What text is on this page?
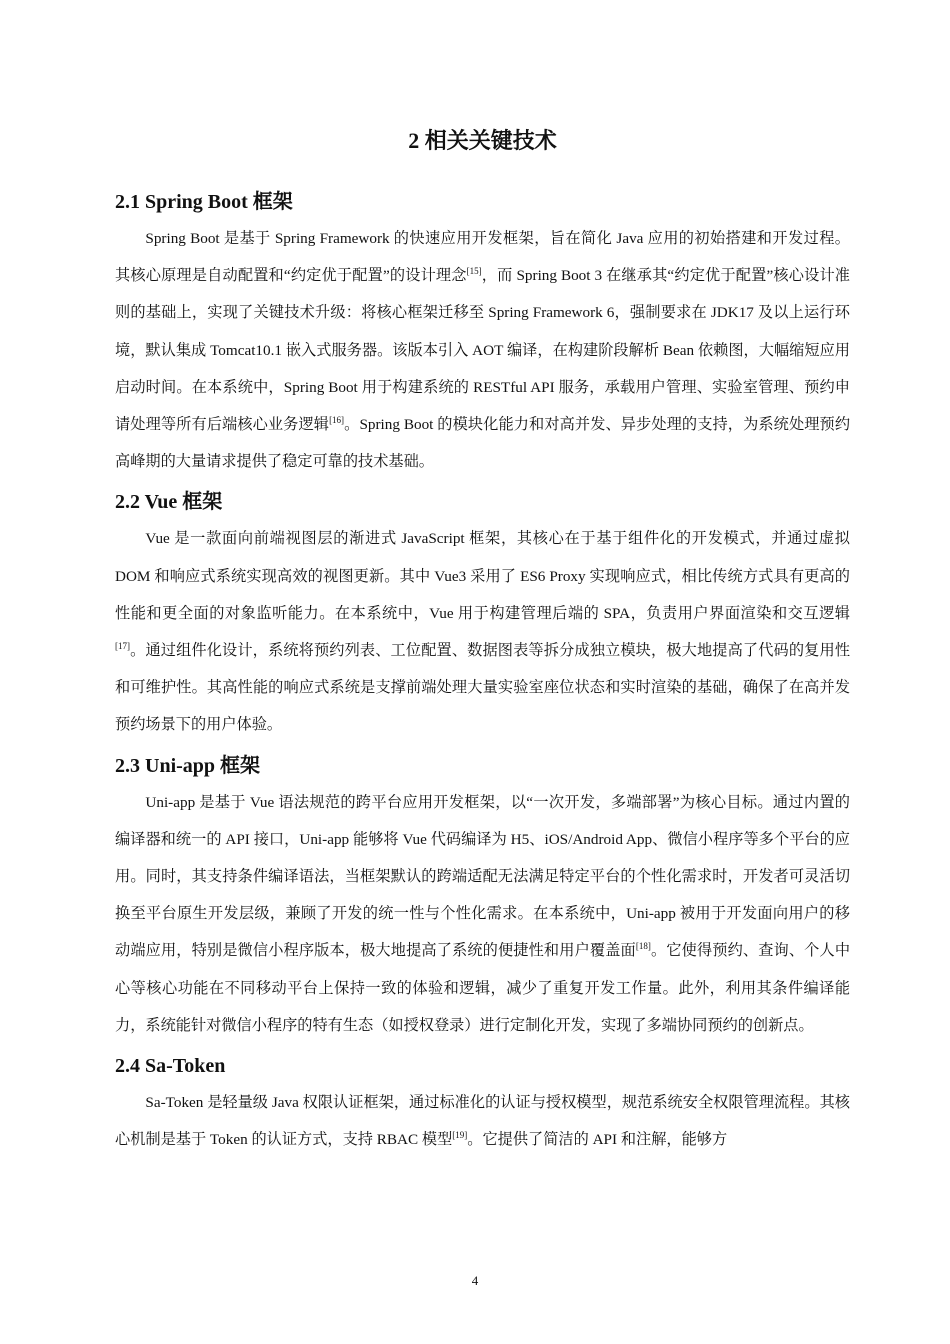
2 相关关键技术
2.1 Spring Boot 框架

Spring Boot 是基于 Spring Framework 的快速应用开发框架，旨在简化 Java 应用的初始搭建和开发过程。其核心原理是自动配置和“约定优于配置”的设计理念[15]，而 Spring Boot 3 在继承其“约定优于配置”核心设计准则的基础上，实现了关键技术升级：将核心框架迁移至 Spring Framework 6，强制要求在 JDK17 及以上运行环境，默认集成 Tomcat10.1 嵌入式服务器。该版本引入 AOT 编译，在构建阶段解析 Bean 依赖图，大幅缩短应用启动时间。在本系统中，Spring Boot 用于构建系统的 RESTful API 服务，承载用户管理、实验室管理、预约申请处理等所有后端核心业务逻辑[16]。Spring Boot 的模块化能力和对高并发、异步处理的支持，为系统处理预约高峰期的大量请求提供了稳定可靠的技术基础。

2.2 Vue 框架

Vue 是一款面向前端视图层的渐进式 JavaScript 框架，其核心在于基于组件化的开发模式，并通过虚拟 DOM 和响应式系统实现高效的视图更新。其中 Vue3 采用了 ES6 Proxy 实现响应式，相比传统方式具有更高的性能和更全面的对象监听能力。在本系统中，Vue 用于构建管理后端的 SPA，负责用户界面渲染和交互逻辑[17]。通过组件化设计，系统将预约列表、工位配置、数据图表等拆分成独立模块，极大地提高了代码的复用性和可维护性。其高性能的响应式系统是支撑前端处理大量实验室座位状态和实时渲染的基础，确保了在高并发预约场景下的用户体验。

2.3 Uni-app 框架

Uni-app 是基于 Vue 语法规范的跨平台应用开发框架，以“一次开发，多端部署”为核心目标。通过内置的编译器和统一的 API 接口，Uni-app 能够将 Vue 代码编译为 H5、iOS/Android App、微信小程序等多个平台的应用。同时，其支持条件编译语法，当框架默认的跨端适配无法满足特定平台的个性化需求时，开发者可灵活切换至平台原生开发层级，兼顾了开发的统一性与个性化需求。在本系统中，Uni-app 被用于开发面向用户的移动端应用，特别是微信小程序版本，极大地提高了系统的便捷性和用户覆盖面[18]。它使得预约、查询、个人中心等核心功能在不同移动平台上保持一致的体验和逻辑，减少了重复开发工作量。此外，利用其条件编译能力，系统能针对微信小程序的特有生态（如授权登录）进行定制化开发，实现了多端协同预约的创新点。

2.4 Sa-Token

Sa-Token 是轻量级 Java 权限认证框架，通过标准化的认证与授权模型，规范系统安全权限管理流程。其核心机制是基于 Token 的认证方式，支持 RBAC 模型[19]。它提供了简洁的 API 和注解，能够方

4
